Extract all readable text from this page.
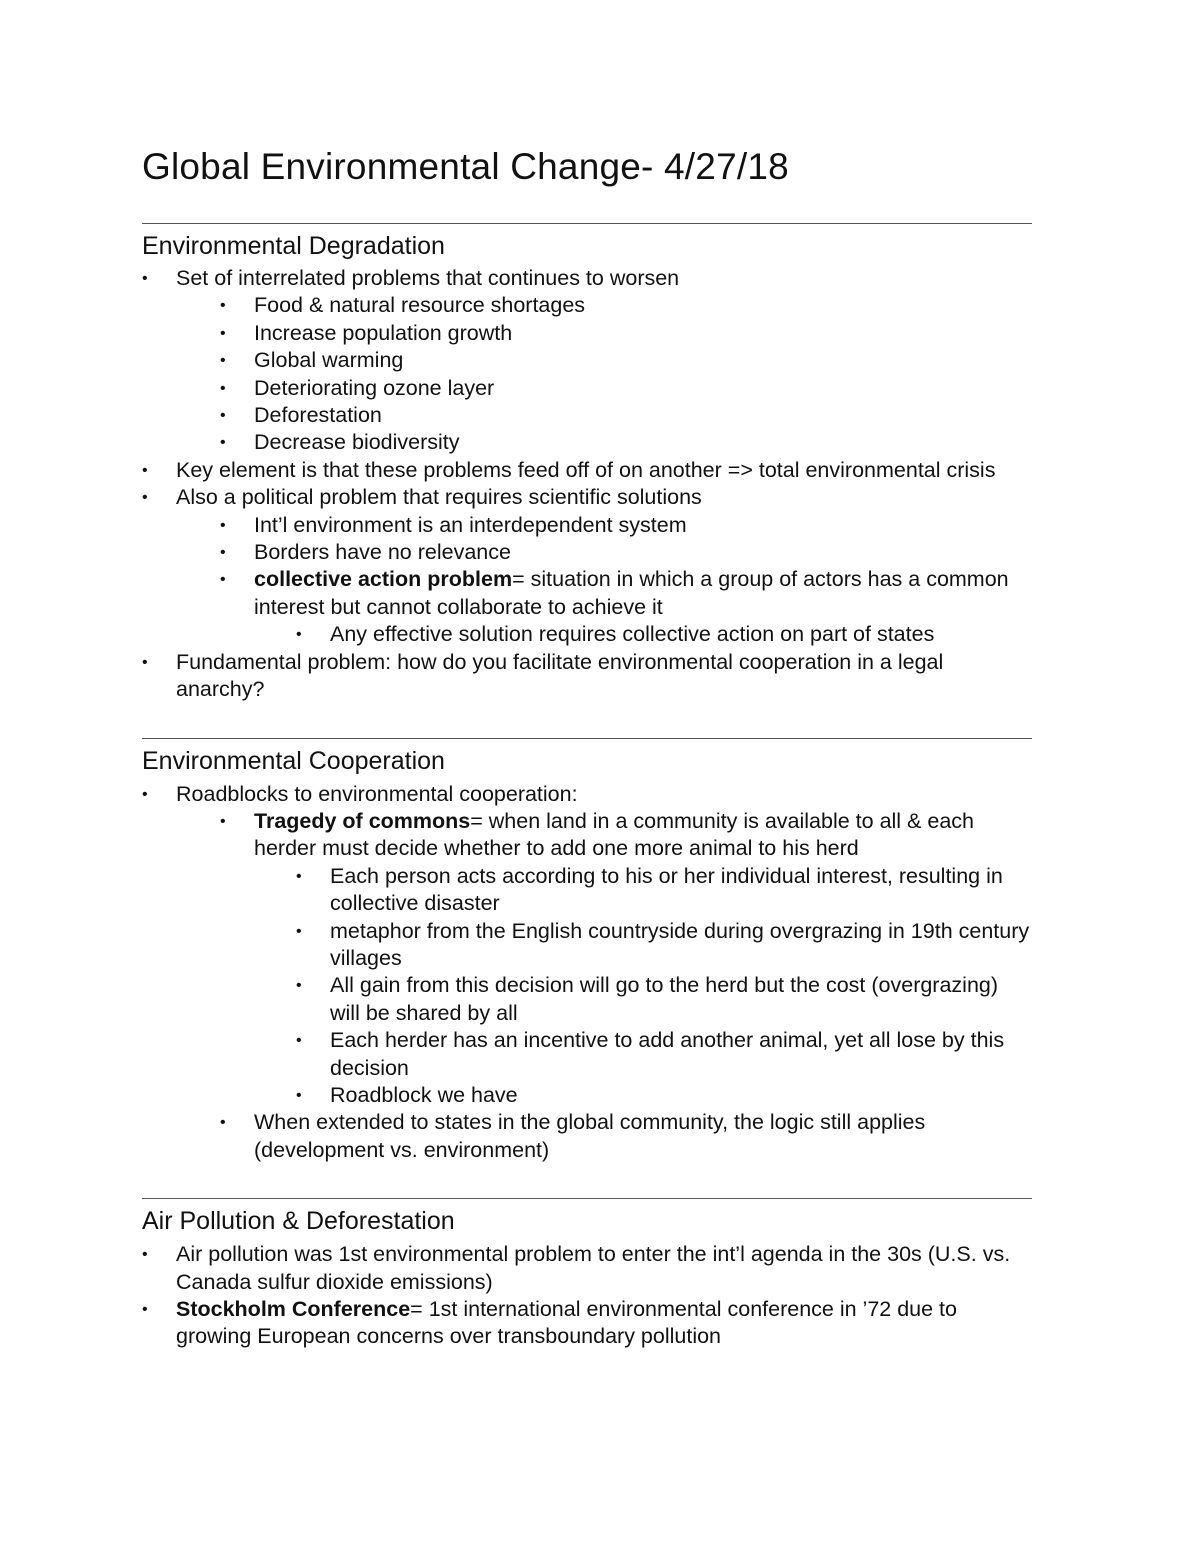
Global Environmental Change- 4/27/18
Environmental Degradation
• Set of interrelated problems that continues to worsen
• Food & natural resource shortages
• Increase population growth
• Global warming
• Deteriorating ozone layer
• Deforestation
• Decrease biodiversity
• Key element is that these problems feed off of on another => total environmental crisis
• Also a political problem that requires scientific solutions
• Int’l environment is an interdependent system
• Borders have no relevance
• collective action problem= situation in which a group of actors has a common interest but cannot collaborate to achieve it
• Any effective solution requires collective action on part of states
• Fundamental problem: how do you facilitate environmental cooperation in a legal anarchy?
Environmental Cooperation
• Roadblocks to environmental cooperation:
• Tragedy of commons= when land in a community is available to all & each herder must decide whether to add one more animal to his herd
• Each person acts according to his or her individual interest, resulting in collective disaster
• metaphor from the English countryside during overgrazing in 19th century villages
• All gain from this decision will go to the herd but the cost (overgrazing) will be shared by all
• Each herder has an incentive to add another animal, yet all lose by this decision
• Roadblock we have
• When extended to states in the global community, the logic still applies (development vs. environment)
Air Pollution & Deforestation
• Air pollution was 1st environmental problem to enter the int’l agenda in the 30s (U.S. vs. Canada sulfur dioxide emissions)
• Stockholm Conference= 1st international environmental conference in ’72 due to growing European concerns over transboundary pollution
